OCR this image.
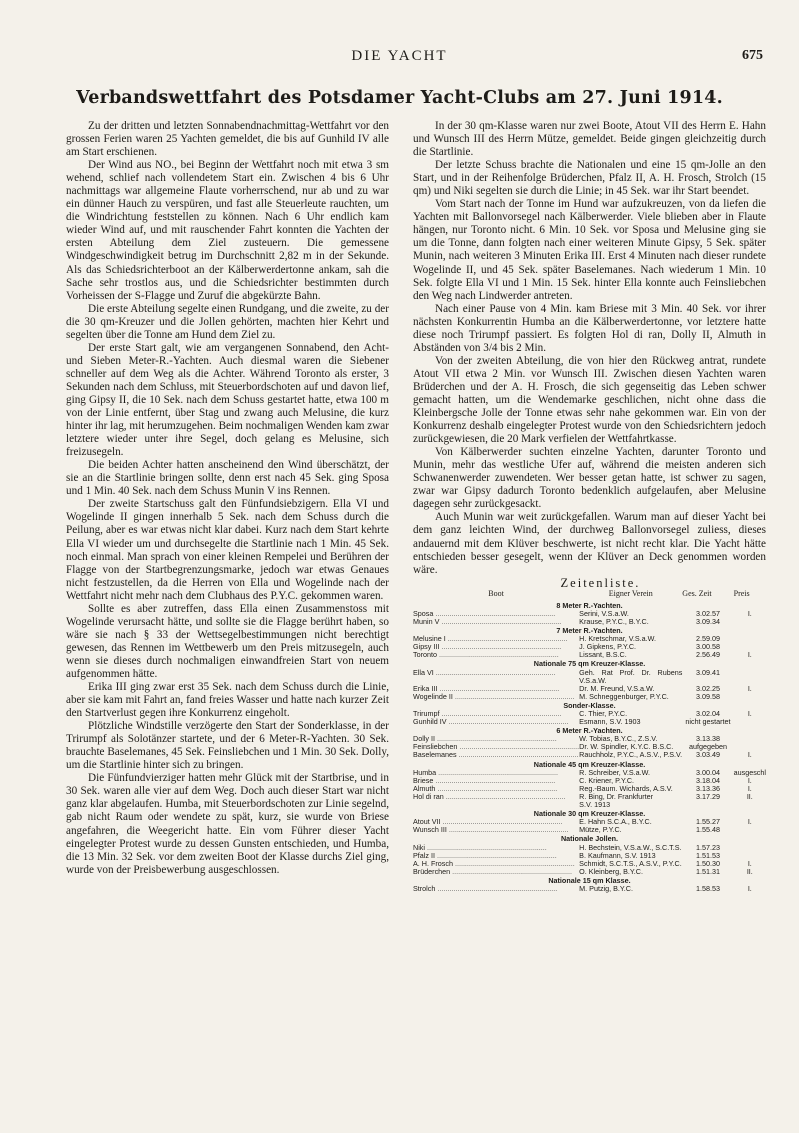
DIE YACHT	675
Verbandswettfahrt des Potsdamer Yacht-Clubs am 27. Juni 1914.

Zu der dritten und letzten Sonnabendnachmittag-Wettfahrt vor den grossen Ferien waren 25 Yachten gemeldet, die bis auf Gunhild IV alle am Start erschienen.

Der Wind aus NO., bei Beginn der Wettfahrt noch mit etwa 3 sm wehend, schlief nach vollendetem Start ein. Zwischen 4 bis 6 Uhr nachmittags war allgemeine Flaute vorherrschend, nur ab und zu war ein dünner Hauch zu verspüren, und fast alle Steuerleute rauchten, um die Windrichtung feststellen zu können. Nach 6 Uhr endlich kam wieder Wind auf, und mit rauschender Fahrt konnten die Yachten der ersten Abteilung dem Ziel zusteuern. Die gemessene Windgeschwindigkeit betrug im Durchschnitt 2,82 m in der Sekunde. Als das Schiedsrichterboot an der Kälberwerdertonne ankam, sah die Sache sehr trostlos aus, und die Schiedsrichter bestimmten durch Vorheissen der S-Flagge und Zuruf die abgekürzte Bahn.

Die erste Abteilung segelte einen Rundgang, und die zweite, zu der die 30 qm-Kreuzer und die Jollen gehörten, machten hier Kehrt und segelten über die Tonne am Hund dem Ziel zu.

Der erste Start galt, wie am vergangenen Sonnabend, den Acht- und Sieben Meter-R.-Yachten. Auch diesmal waren die Siebener schneller auf dem Weg als die Achter. Während Toronto als erster, 3 Sekunden nach dem Schluss, mit Steuerbordschoten auf und davon lief, ging Gipsy II, die 10 Sek. nach dem Schuss gestartet hatte, etwa 100 m von der Linie entfernt, über Stag und zwang auch Melusine, die kurz hinter ihr lag, mit herumzugehen. Beim nochmaligen Wenden kam zwar letztere wieder unter ihre Segel, doch gelang es Melusine, sich freizusegeln.

Die beiden Achter hatten anscheinend den Wind überschätzt, der sie an die Startlinie bringen sollte, denn erst nach 45 Sek. ging Sposa und 1 Min. 40 Sek. nach dem Schuss Munin V ins Rennen.

Der zweite Startschuss galt den Fünfundsiebzigern. Ella VI und Wogelinde II gingen innerhalb 5 Sek. nach dem Schuss durch die Peilung, aber es war etwas nicht klar dabei. Kurz nach dem Start kehrte Ella VI wieder um und durchsegelte die Startlinie nach 1 Min. 45 Sek. noch einmal. Man sprach von einer kleinen Rempelei und Berühren der Flagge von der Startbegrenzungsmarke, jedoch war etwas Genaues nicht festzustellen, da die Herren von Ella und Wogelinde nach der Wettfahrt nicht mehr nach dem Clubhaus des P.Y.C. gekommen waren.

Sollte es aber zutreffen, dass Ella einen Zusammenstoss mit Wogelinde verursacht hätte, und sollte sie die Flagge berührt haben, so wäre sie nach § 33 der Wettsegelbestimmungen nicht berechtigt gewesen, das Rennen im Wettbewerb um den Preis mitzusegeln, auch wenn sie dieses durch nochmaligen einwandfreien Start von neuem aufgenommen hätte.

Erika III ging zwar erst 35 Sek. nach dem Schuss durch die Linie, aber sie kam mit Fahrt an, fand freies Wasser und hatte nach kurzer Zeit den Startverlust gegen ihre Konkurrenz eingeholt.

Plötzliche Windstille verzögerte den Start der Sonderklasse, in der Trirumpf als Solotänzer startete, und der 6 Meter-R-Yachten. 30 Sek. brauchte Baselemanes, 45 Sek. Feinsliebchen und 1 Min. 30 Sek. Dolly, um die Startlinie hinter sich zu bringen.

Die Fünfundvierziger hatten mehr Glück mit der Startbrise, und in 30 Sek. waren alle vier auf dem Weg. Doch auch dieser Start war nicht ganz klar abgelaufen. Humba, mit Steuerbordschoten zur Linie segelnd, gab nicht Raum oder wendete zu spät, kurz, sie wurde von Briese angefahren, die Weegericht hatte. Ein vom Führer dieser Yacht eingelegter Protest wurde zu dessen Gunsten entschieden, und Humba, die 13 Min. 32 Sek. vor dem zweiten Boot der Klasse durchs Ziel ging, wurde von der Preisbewerbung ausgeschlossen.

In der 30 qm-Klasse waren nur zwei Boote, Atout VII des Herrn E. Hahn und Wunsch III des Herrn Mütze, gemeldet. Beide gingen gleichzeitig durch die Startlinie.

Der letzte Schuss brachte die Nationalen und eine 15 qm-Jolle an den Start, und in der Reihenfolge Brüderchen, Pfalz II, A. H. Frosch, Strolch (15 qm) und Niki segelten sie durch die Linie; in 45 Sek. war ihr Start beendet.

Vom Start nach der Tonne im Hund war aufzukreuzen, von da liefen die Yachten mit Ballonvorsegel nach Kälberwerder. Viele blieben aber in Flaute hängen, nur Toronto nicht. 6 Min. 10 Sek. vor Sposa und Melusine ging sie um die Tonne, dann folgten nach einer weiteren Minute Gipsy, 5 Sek. später Munin, nach weiteren 3 Minuten Erika III. Erst 4 Minuten nach dieser rundete Wogelinde II, und 45 Sek. später Baselemanes. Nach wiederum 1 Min. 10 Sek. folgte Ella VI und 1 Min. 15 Sek. hinter Ella konnte auch Feinsliebchen den Weg nach Lindwerder antreten.

Nach einer Pause von 4 Min. kam Briese mit 3 Min. 40 Sek. vor ihrer nächsten Konkurrentin Humba an die Kälberwerdertonne, vor letztere hatte diese noch Trirumpf passiert. Es folgten Hol di ran, Dolly II, Almuth in Abständen von 3/4 bis 2 Min.

Von der zweiten Abteilung, die von hier den Rückweg antrat, rundete Atout VII etwa 2 Min. vor Wunsch III. Zwischen diesen Yachten waren Brüderchen und der A. H. Frosch, die sich gegenseitig das Leben schwer gemacht hatten, um die Wendemarke geschlichen, nicht ohne dass die Kleinbergsche Jolle der Tonne etwas sehr nahe gekommen war. Ein von der Konkurrenz deshalb eingelegter Protest wurde von den Schiedsrichtern jedoch zurückgewiesen, die 20 Mark verfielen der Wettfahrtkasse.

Von Kälberwerder suchten einzelne Yachten, darunter Toronto und Munin, mehr das westliche Ufer auf, während die meisten anderen sich Schwanenwerder zuwendeten. Wer besser getan hatte, ist schwer zu sagen, zwar war Gipsy dadurch Toronto bedenklich aufgelaufen, aber Melusine dagegen sehr zurückgesackt.

Auch Munin war weit zurückgefallen. Warum man auf dieser Yacht bei dem ganz leichten Wind, der durchweg Ballonvorsegel zuliess, dieses andauernd mit dem Klüver beschwerte, ist nicht recht klar. Die Yacht hätte entschieden besser gesegelt, wenn der Klüver an Deck genommen worden wäre.

Zeitenliste.

Boot	Eigner Verein	Ges. Zeit	Preis
8 Meter R.-Yachten.			
Sposa ............................................................	Serini, V.S.a.W.	3.02.57	I.
Munin V ............................................................	Krause, P.Y.C., B.Y.C.	3.09.34	
7 Meter R.-Yachten.			
Melusine I ............................................................	H. Kretschmar, V.S.a.W.	2.59.09	
Gipsy III ............................................................	J. Gipkens, P.Y.C.	3.00.58	
Toronto ............................................................	Lissant, B.S.C.	2.56.49	I.
Nationale 75 qm Kreuzer-Klasse.			
Ella VI ............................................................	Geh. Rat Prof. Dr. Rubens V.S.a.W.	3.09.41	
Erika III ............................................................	Dr. M. Freund, V.S.a.W.	3.02.25	I.
Wogelinde II ............................................................	M. Schneggenburger, P.Y.C.	3.09.58	
Sonder-Klasse.			
Trirumpf ............................................................	C. Thier, P.Y.C.	3.02.04	I.
Gunhild IV ............................................................	Esmann, S.V. 1903	nicht gestartet	
6 Meter R.-Yachten.			
Dolly II ............................................................	W. Tobias, B.Y.C., Z.S.V.	3.13.38	
Feinsliebchen ............................................................	Dr. W. Spindler, K.Y.C. B.S.C.	aufgegeben	
Baselemanes ............................................................	Rauchholz, P.Y.C., A.S.V., P.S.V.	3.03.49	I.
Nationale 45 qm Kreuzer-Klasse.			
Humba ............................................................	R. Schreiber, V.S.a.W.	3.00.04	ausgeschl
Briese ............................................................	C. Kriener, P.Y.C.	3.18.04	I.
Almuth ............................................................	Reg.-Baum. Wichards, A.S.V.	3.13.36	I.
Hol di ran ............................................................	R. Bing, Dr. Frankfurter	3.17.29	II.
	S.V. 1913		
Nationale 30 qm Kreuzer-Klasse.			
Atout VII ............................................................	E. Hahn S.C.A., B.Y.C.	1.55.27	I.
Wunsch III ............................................................	Mütze, P.Y.C.	1.55.48	
Nationale Jollen.			
Niki ............................................................	H. Bechstein, V.S.a.W., S.C.T.S.	1.57.23	
Pfalz II ............................................................	B. Kaufmann, S.V. 1913	1.51.53	
A. H. Frosch ............................................................	Schmidt, S.C.T.S., A.S.V., P.Y.C.	1.50.30	I.
Brüderchen ............................................................	O. Kleinberg, B.Y.C.	1.51.31	II.
Nationale 15 qm Klasse.			
Strolch ............................................................	M. Putzig, B.Y.C.	1.58.53	I.
